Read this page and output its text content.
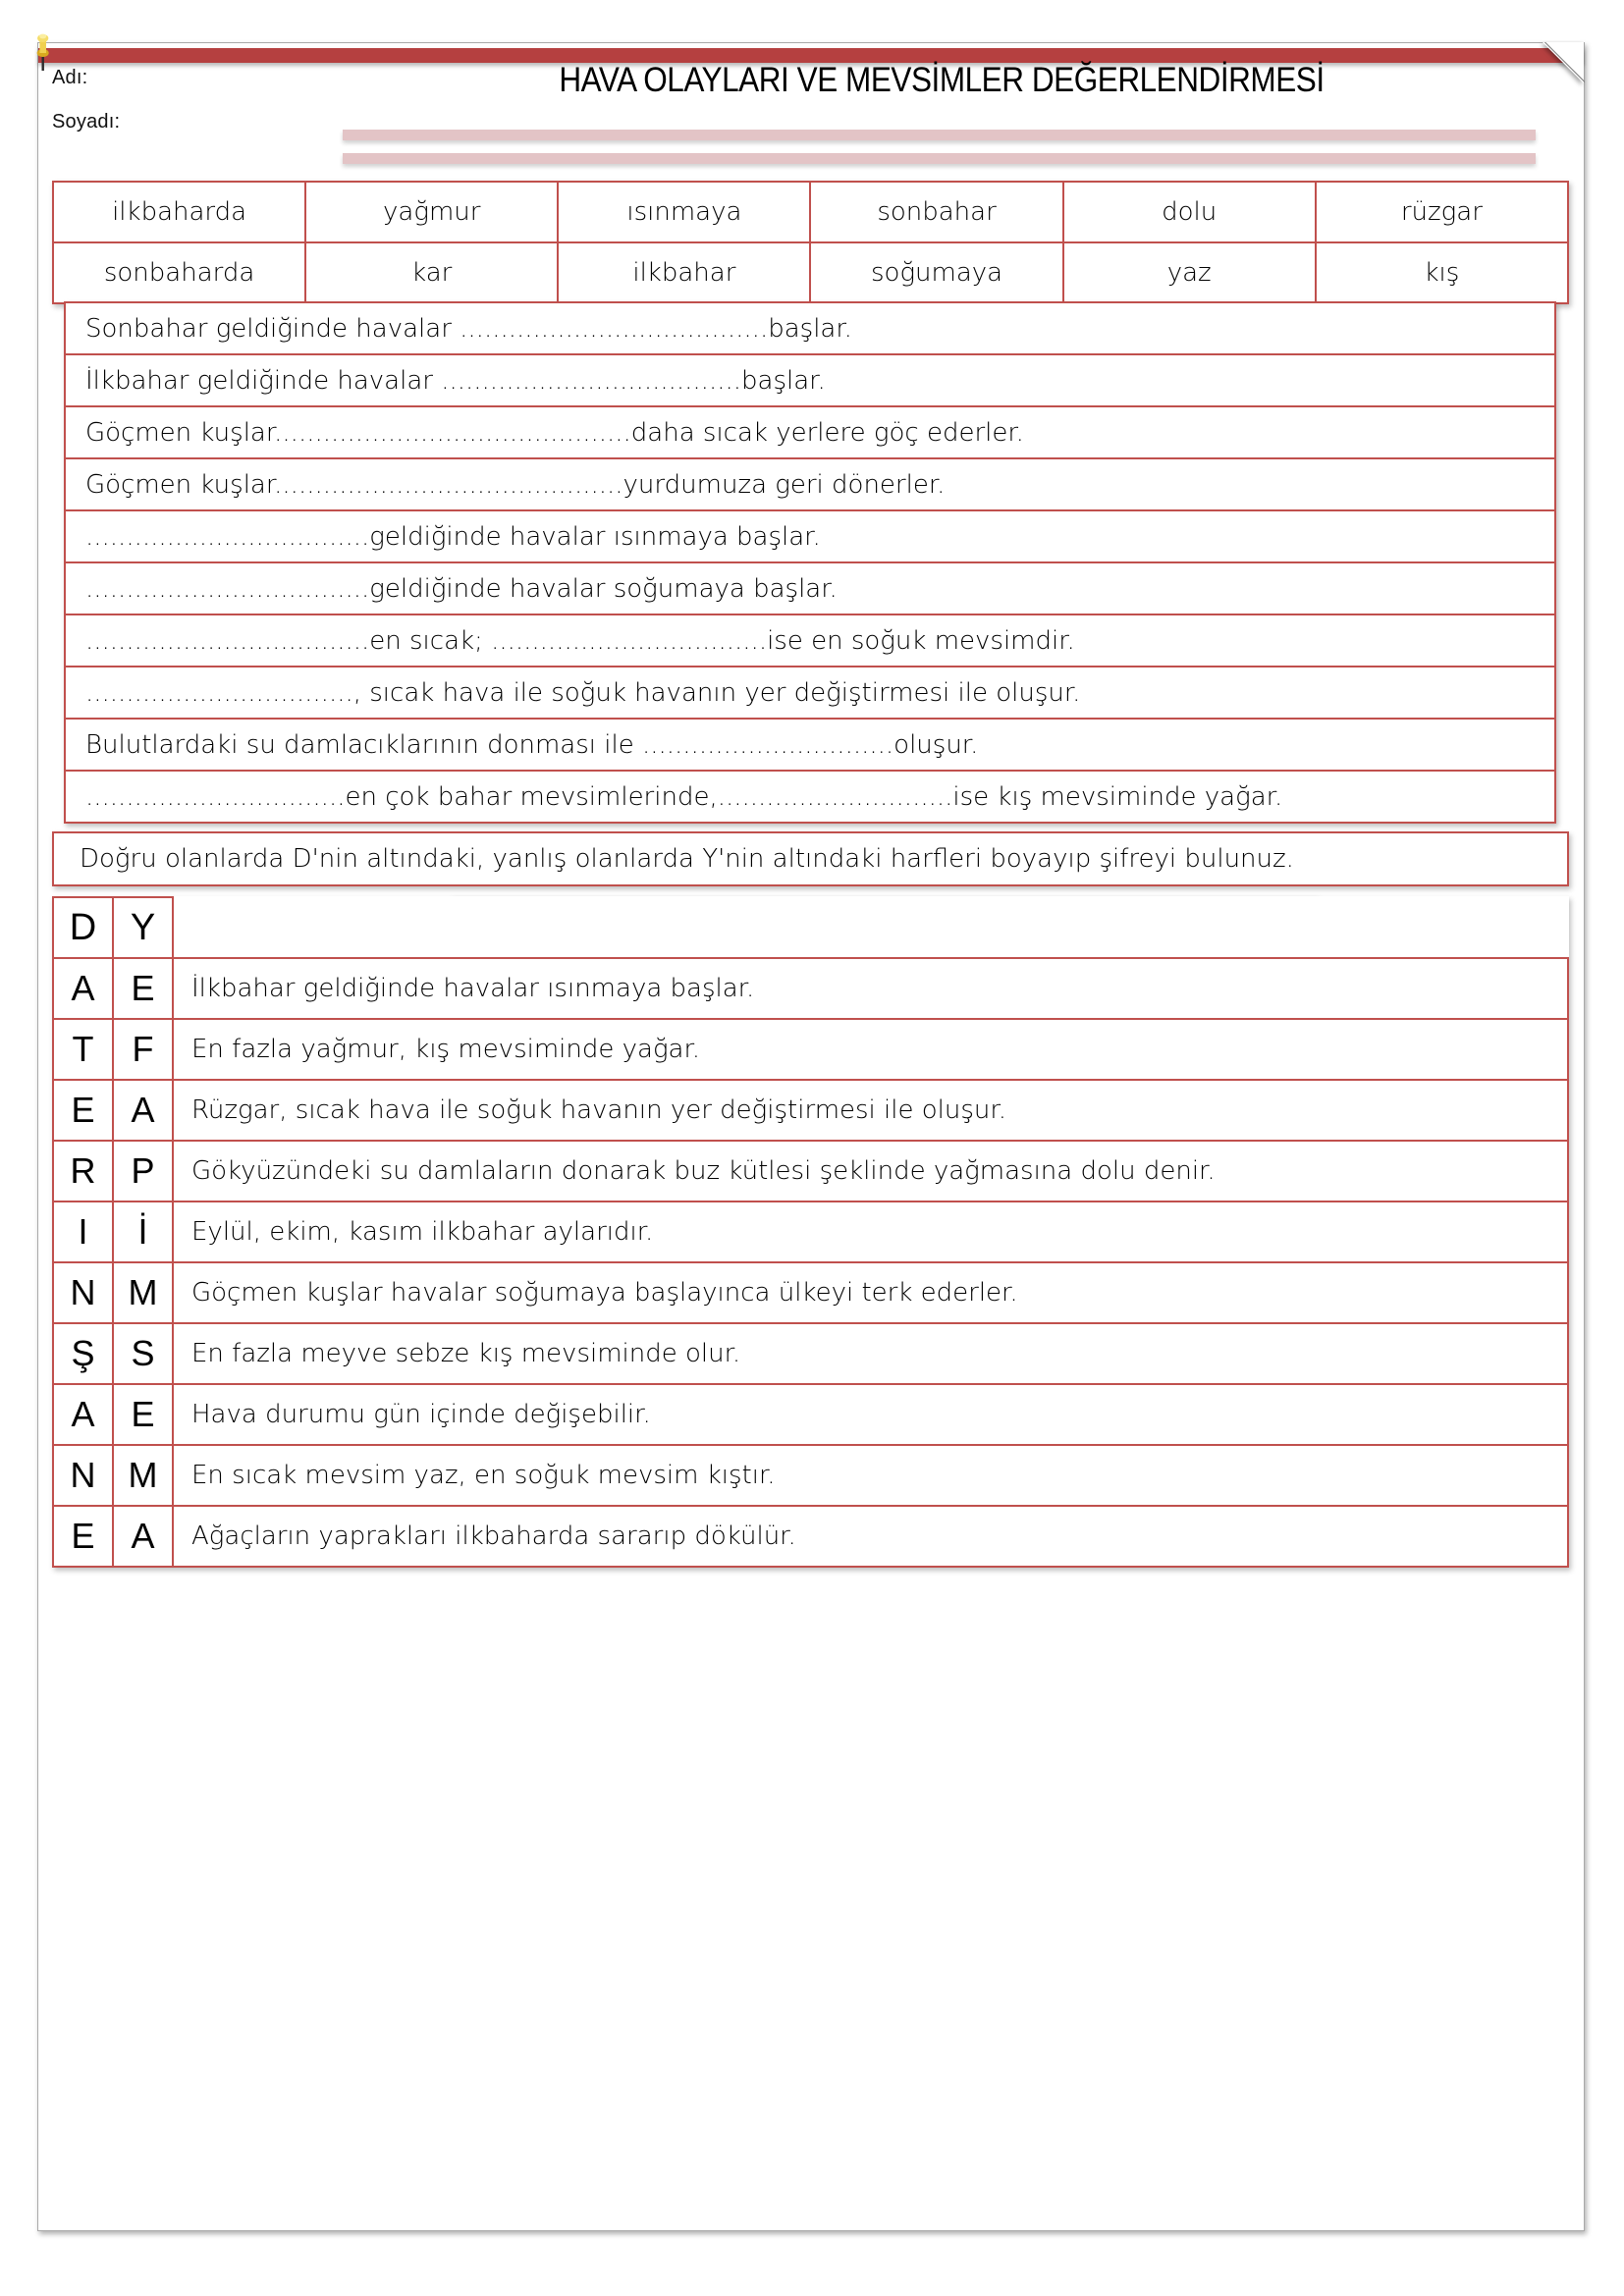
Adı:
Soyadı:
HAVA OLAYLARI VE MEVSİMLER DEĞERLENDİRMESİ
ilkbaharda	yağmur	ısınmaya	sonbahar	dolu	rüzgar
sonbaharda	kar	ilkbahar	soğumaya	yaz	kış
Sonbahar geldiğinde havalar ......................................başlar.
İlkbahar geldiğinde havalar .....................................başlar.
Göçmen kuşlar............................................daha sıcak yerlere göç ederler.
Göçmen kuşlar...........................................yurdumuza geri dönerler.
...................................geldiğinde havalar ısınmaya başlar.
...................................geldiğinde havalar soğumaya başlar.
...................................en sıcak; ..................................ise en soğuk mevsimdir.
................................., sıcak hava ile soğuk havanın yer değiştirmesi ile oluşur.
Bulutlardaki su damlacıklarının donması ile ...............................oluşur.
................................en çok bahar mevsimlerinde,.............................ise kış mevsiminde yağar.
Doğru olanlarda D'nin altındaki, yanlış olanlarda Y'nin altındaki harfleri boyayıp şifreyi bulunuz.

D	Y	
A	E	İlkbahar geldiğinde havalar ısınmaya başlar.
T	F	En fazla yağmur, kış mevsiminde yağar.
E	A	Rüzgar, sıcak hava ile soğuk havanın yer değiştirmesi ile oluşur.
R	P	Gökyüzündeki su damlaların donarak buz kütlesi şeklinde yağmasına dolu denir.
I	İ	Eylül, ekim, kasım ilkbahar aylarıdır.
N	M	Göçmen kuşlar havalar soğumaya başlayınca ülkeyi terk ederler.
Ş	S	En fazla meyve sebze kış mevsiminde olur.
A	E	Hava durumu gün içinde değişebilir.
N	M	En sıcak mevsim yaz, en soğuk mevsim kıştır.
E	A	Ağaçların yaprakları ilkbaharda sararıp dökülür.
